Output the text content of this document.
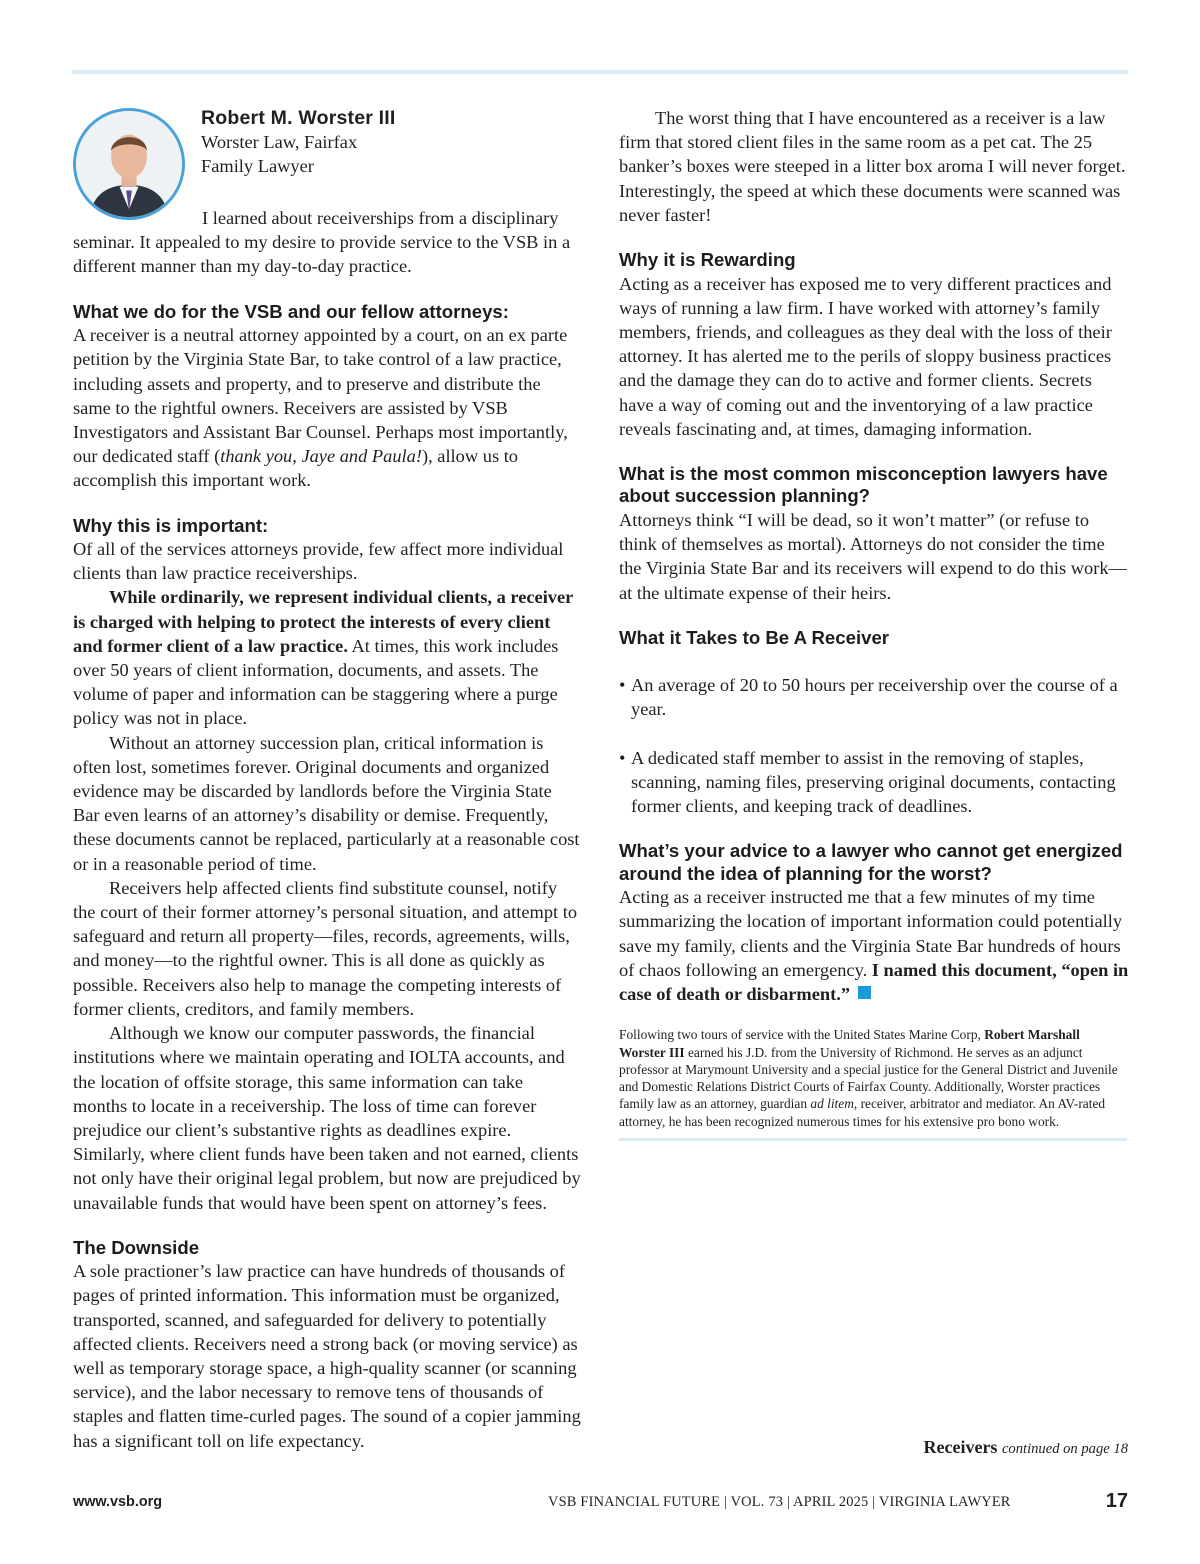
Robert M. Worster III
Worster Law, Fairfax
Family Lawyer

I learned about receiverships from a disciplinary seminar. It appealed to my desire to provide service to the VSB in a different manner than my day-to-day practice.

What we do for the VSB and our fellow attorneys:

A receiver is a neutral attorney appointed by a court, on an ex parte petition by the Virginia State Bar, to take control of a law practice, including assets and property, and to preserve and distribute the same to the rightful owners. Receivers are assisted by VSB Investigators and Assistant Bar Counsel. Perhaps most importantly, our dedicated staff (thank you, Jaye and Paula!), allow us to accomplish this important work.

Why this is important:

Of all of the services attorneys provide, few affect more individual clients than law practice receiverships.

While ordinarily, we represent individual clients, a receiver is charged with helping to protect the interests of every client and former client of a law practice. At times, this work includes over 50 years of client information, documents, and assets. The volume of paper and information can be staggering where a purge policy was not in place.

Without an attorney succession plan, critical information is often lost, sometimes forever. Original documents and organized evidence may be discarded by landlords before the Virginia State Bar even learns of an attorney’s disability or demise. Frequently, these documents cannot be replaced, particularly at a reasonable cost or in a reasonable period of time.

Receivers help affected clients find substitute counsel, notify the court of their former attorney’s personal situation, and attempt to safeguard and return all property—files, records, agreements, wills, and money—to the rightful owner. This is all done as quickly as possible. Receivers also help to manage the competing interests of former clients, creditors, and family members.

Although we know our computer passwords, the financial institutions where we maintain operating and IOLTA accounts, and the location of offsite storage, this same information can take months to locate in a receivership. The loss of time can forever prejudice our client’s substantive rights as deadlines expire. Similarly, where client funds have been taken and not earned, clients not only have their original legal problem, but now are prejudiced by unavailable funds that would have been spent on attorney’s fees.

The Downside

A sole practioner’s law practice can have hundreds of thousands of pages of printed information. This information must be organized, transported, scanned, and safeguarded for delivery to potentially affected clients. Receivers need a strong back (or moving service) as well as temporary storage space, a high-quality scanner (or scanning service), and the labor necessary to remove tens of thousands of staples and flatten time-curled pages. The sound of a copier jamming has a significant toll on life expectancy.

The worst thing that I have encountered as a receiver is a law firm that stored client files in the same room as a pet cat. The 25 banker’s boxes were steeped in a litter box aroma I will never forget. Interestingly, the speed at which these documents were scanned was never faster!

Why it is Rewarding

Acting as a receiver has exposed me to very different practices and ways of running a law firm. I have worked with attorney’s family members, friends, and colleagues as they deal with the loss of their attorney. It has alerted me to the perils of sloppy business practices and the damage they can do to active and former clients. Secrets have a way of coming out and the inventorying of a law practice reveals fascinating and, at times, damaging information.

What is the most common misconception lawyers have about succession planning?

Attorneys think “I will be dead, so it won’t matter” (or refuse to think of themselves as mortal). Attorneys do not consider the time the Virginia State Bar and its receivers will expend to do this work—at the ultimate expense of their heirs.

What it Takes to Be A Receiver
• An average of 20 to 50 hours per receivership over the course of a year.
• A dedicated staff member to assist in the removing of staples, scanning, naming files, preserving original documents, contacting former clients, and keeping track of deadlines.
What’s your advice to a lawyer who cannot get energized around the idea of planning for the worst?

Acting as a receiver instructed me that a few minutes of my time summarizing the location of important information could potentially save my family, clients and the Virginia State Bar hundreds of hours of chaos following an emergency. I named this document, “open in case of death or disbarment.”

Following two tours of service with the United States Marine Corp, Robert Marshall Worster III earned his J.D. from the University of Richmond. He serves as an adjunct professor at Marymount University and a special justice for the General District and Juvenile and Domestic Relations District Courts of Fairfax County. Additionally, Worster practices family law as an attorney, guardian ad litem, receiver, arbitrator and mediator. An AV-rated attorney, he has been recognized numerous times for his extensive pro bono work.

Receivers continued on page 18
www.vsb.org	VSB FINANCIAL FUTURE | VOL. 73 | APRIL 2025 | VIRGINIA LAWYER	17
